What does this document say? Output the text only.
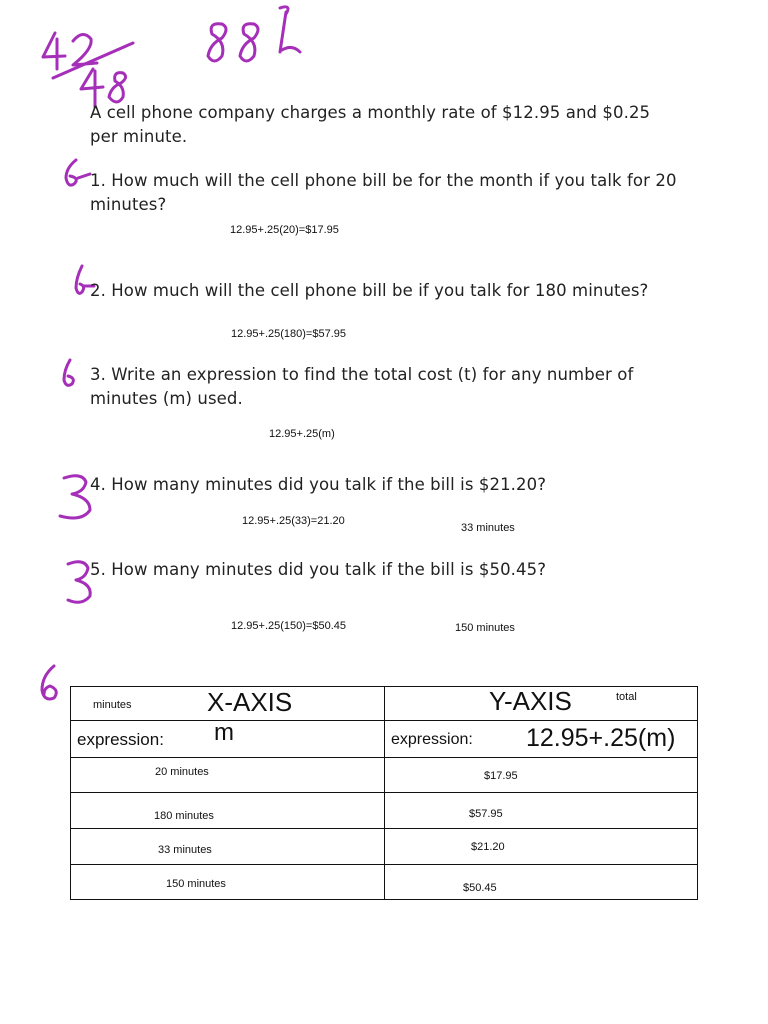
A cell phone company charges a monthly rate of $12.95 and $0.25 per minute.
1. How much will the cell phone bill be for the month if you talk for 20 minutes?
12.95+.25(20)=$17.95
2. How much will the cell phone bill be if you talk for 180 minutes?
12.95+.25(180)=$57.95
3. Write an expression to find the total cost (t) for any number of minutes (m) used.
12.95+.25(m)
4. How many minutes did you talk if the bill is $21.20?
12.95+.25(33)=21.20
33 minutes
5. How many minutes did you talk if the bill is $50.45?
12.95+.25(150)=$50.45	150 minutes
minutes X-AXIS	Y-AXIS total

expression: m	expression: 12.95+.25(m)

20 minutes	$17.95

180 minutes	$57.95

33 minutes	$21.20

150 minutes	$50.45
